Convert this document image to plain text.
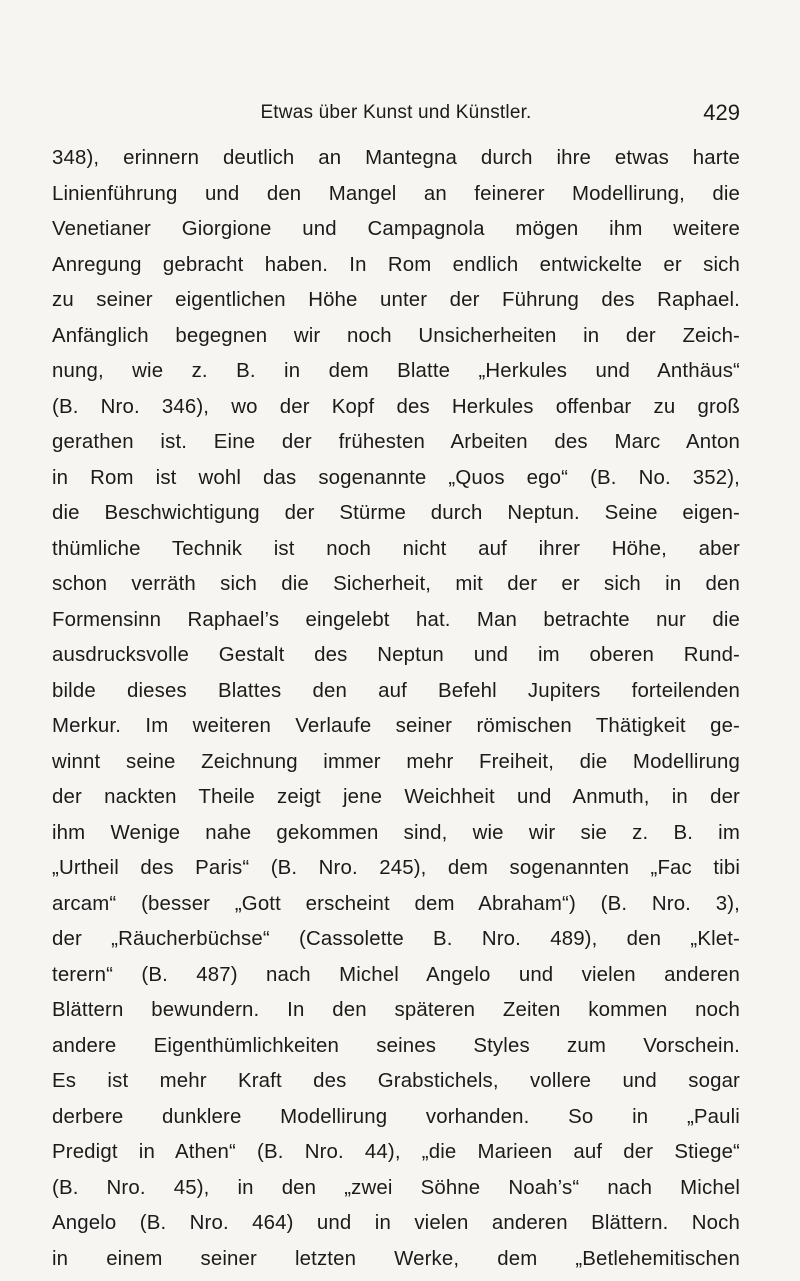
Etwas über Kunst und Künstler.	429
348), erinnern deutlich an Mantegna durch ihre etwas harte
Linienführung und den Mangel an feinerer Modellirung, die
Venetianer Giorgione und Campagnola mögen ihm weitere
Anregung gebracht haben. In Rom endlich entwickelte er sich
zu seiner eigentlichen Höhe unter der Führung des Raphael.
Anfänglich begegnen wir noch Unsicherheiten in der Zeich-
nung, wie z. B. in dem Blatte „Herkules und Anthäus“
(B. Nro. 346), wo der Kopf des Herkules offenbar zu groß
gerathen ist. Eine der frühesten Arbeiten des Marc Anton
in Rom ist wohl das sogenannte „Quos ego“ (B. No. 352),
die Beschwichtigung der Stürme durch Neptun. Seine eigen-
thümliche Technik ist noch nicht auf ihrer Höhe, aber
schon verräth sich die Sicherheit, mit der er sich in den
Formensinn Raphael’s eingelebt hat. Man betrachte nur die
ausdrucksvolle Gestalt des Neptun und im oberen Rund-
bilde dieses Blattes den auf Befehl Jupiters forteilenden
Merkur. Im weiteren Verlaufe seiner römischen Thätigkeit ge-
winnt seine Zeichnung immer mehr Freiheit, die Modellirung
der nackten Theile zeigt jene Weichheit und Anmuth, in der
ihm Wenige nahe gekommen sind, wie wir sie z. B. im
„Urtheil des Paris“ (B. Nro. 245), dem sogenannten „Fac tibi
arcam“ (besser „Gott erscheint dem Abraham“) (B. Nro. 3),
der „Räucherbüchse“ (Cassolette B. Nro. 489), den „Klet-
terern“ (B. 487) nach Michel Angelo und vielen anderen
Blättern bewundern. In den späteren Zeiten kommen noch
andere Eigenthümlichkeiten seines Styles zum Vorschein.
Es ist mehr Kraft des Grabstichels, vollere und sogar
derbere dunklere Modellirung vorhanden. So in „Pauli
Predigt in Athen“ (B. Nro. 44), „die Marieen auf der Stiege“
(B. Nro. 45), in den „zwei Söhne Noah’s“ nach Michel
Angelo (B. Nro. 464) und in vielen anderen Blättern. Noch
in einem seiner letzten Werke, dem „Betlehemitischen
